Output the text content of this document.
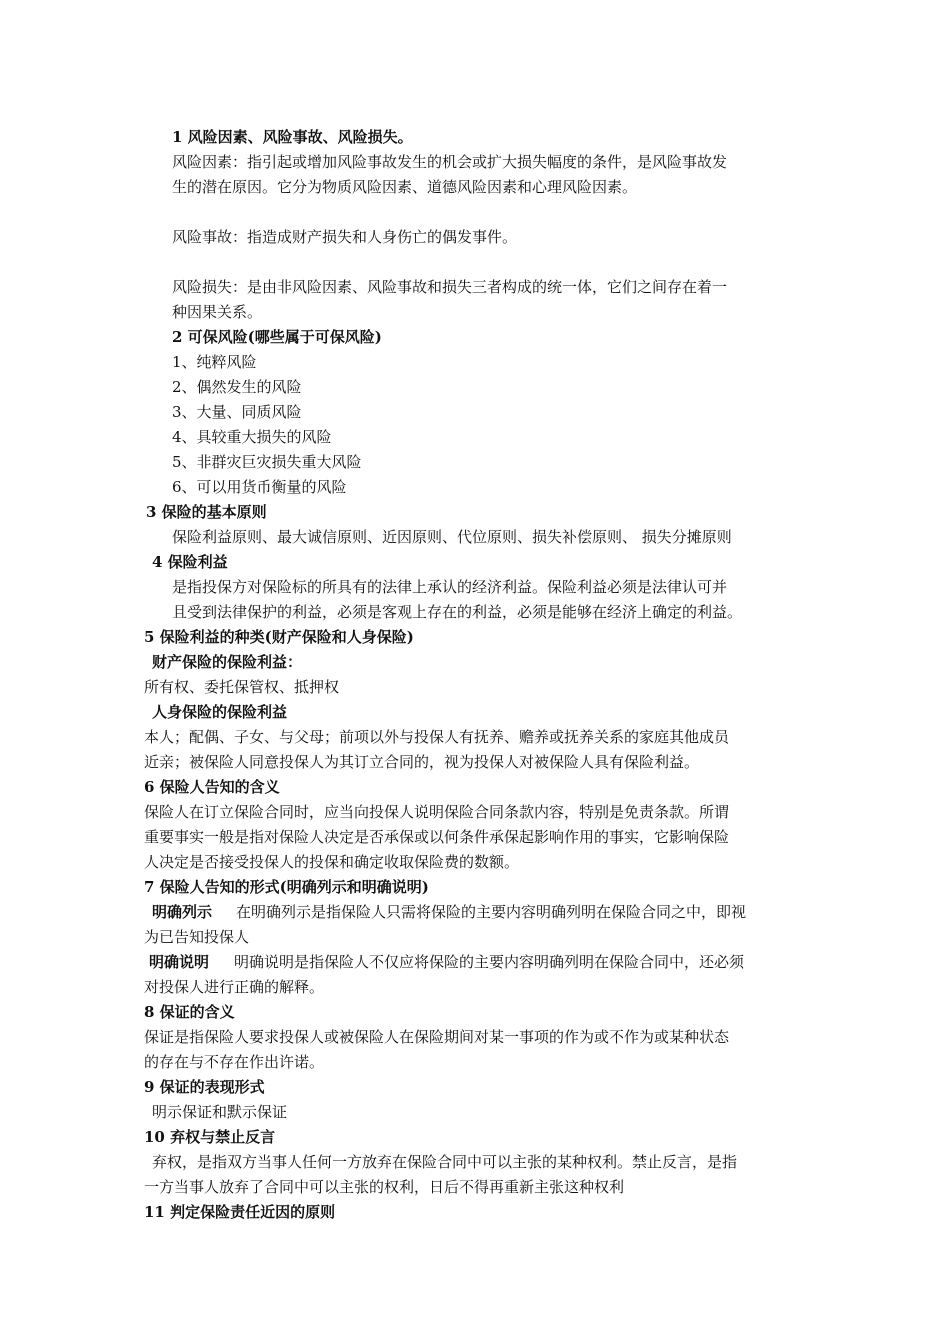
1 风险因素、风险事故、风险损失。
风险因素：指引起或增加风险事故发生的机会或扩大损失幅度的条件，是风险事故发
生的潜在原因。它分为物质风险因素、道德风险因素和心理风险因素。
风险事故：指造成财产损失和人身伤亡的偶发事件。
风险损失：是由非风险因素、风险事故和损失三者构成的统一体，它们之间存在着一
种因果关系。
2 可保风险(哪些属于可保风险)
1、纯粹风险
2、偶然发生的风险
3、大量、同质风险
4、具较重大损失的风险
5、非群灾巨灾损失重大风险
6、可以用货币衡量的风险
3 保险的基本原则
保险利益原则、最大诚信原则、近因原则、代位原则、损失补偿原则、 损失分摊原则
4 保险利益
是指投保方对保险标的所具有的法律上承认的经济利益。保险利益必须是法律认可并
且受到法律保护的利益，必须是客观上存在的利益，必须是能够在经济上确定的利益。
5 保险利益的种类(财产保险和人身保险)
财产保险的保险利益：
所有权、委托保管权、抵押权
人身保险的保险利益
本人；配偶、子女、与父母；前项以外与投保人有抚养、赡养或抚养关系的家庭其他成员
近亲；被保险人同意投保人为其订立合同的，视为投保人对被保险人具有保险利益。
6 保险人告知的含义
保险人在订立保险合同时，应当向投保人说明保险合同条款内容，特别是免责条款。所谓
重要事实一般是指对保险人决定是否承保或以何条件承保起影响作用的事实，它影响保险
人决定是否接受投保人的投保和确定收取保险费的数额。
7 保险人告知的形式(明确列示和明确说明)
明确列示 在明确列示是指保险人只需将保险的主要内容明确列明在保险合同之中，即视
为已告知投保人
明确说明 明确说明是指保险人不仅应将保险的主要内容明确列明在保险合同中，还必须
对投保人进行正确的解释。
8 保证的含义
保证是指保险人要求投保人或被保险人在保险期间对某一事项的作为或不作为或某种状态
的存在与不存在作出许诺。
9 保证的表现形式
明示保证和默示保证
10 弃权与禁止反言
弃权，是指双方当事人任何一方放弃在保险合同中可以主张的某种权利。禁止反言，是指
一方当事人放弃了合同中可以主张的权利，日后不得再重新主张这种权利
11 判定保险责任近因的原则
